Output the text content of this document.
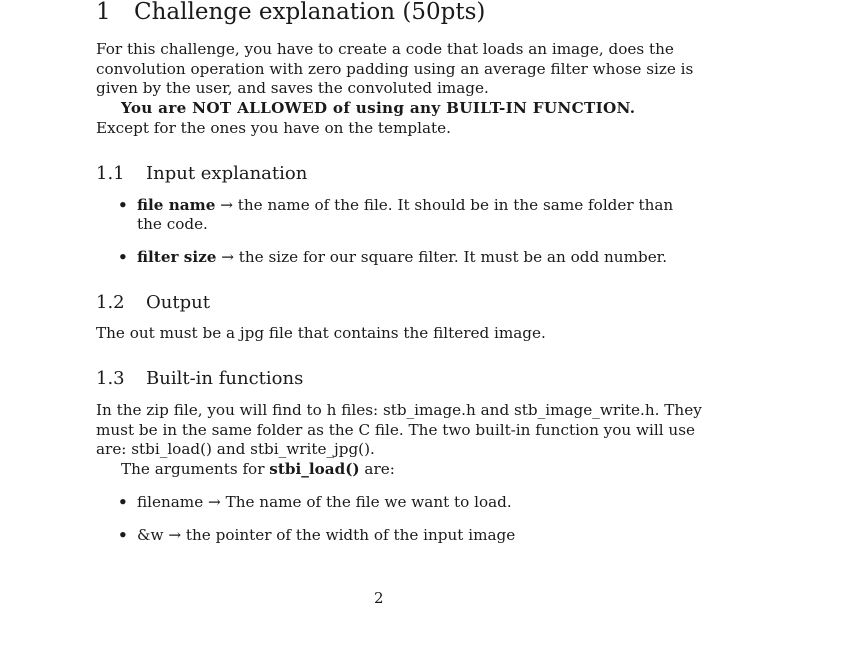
1 Challenge explanation (50pts)
For this challenge, you have to create a code that loads an image, does the
convolution operation with zero padding using an average filter whose size is
given by the user, and saves the convoluted image.
You are NOT ALLOWED of using any BUILT-IN FUNCTION.
Except for the ones you have on the template.
1.1 Input explanation
• file name → the name of the file. It should be in the same folder than
the code.
• filter size → the size for our square filter. It must be an odd number.
1.2 Output
The out must be a jpg file that contains the filtered image.
1.3 Built-in functions
In the zip file, you will find to h files: stb_image.h and stb_image_write.h. They
must be in the same folder as the C file. The two built-in function you will use
are: stbi_load() and stbi_write_jpg().
The arguments for stbi_load() are:
• filename → The name of the file we want to load.
• &w → the pointer of the width of the input image
2
